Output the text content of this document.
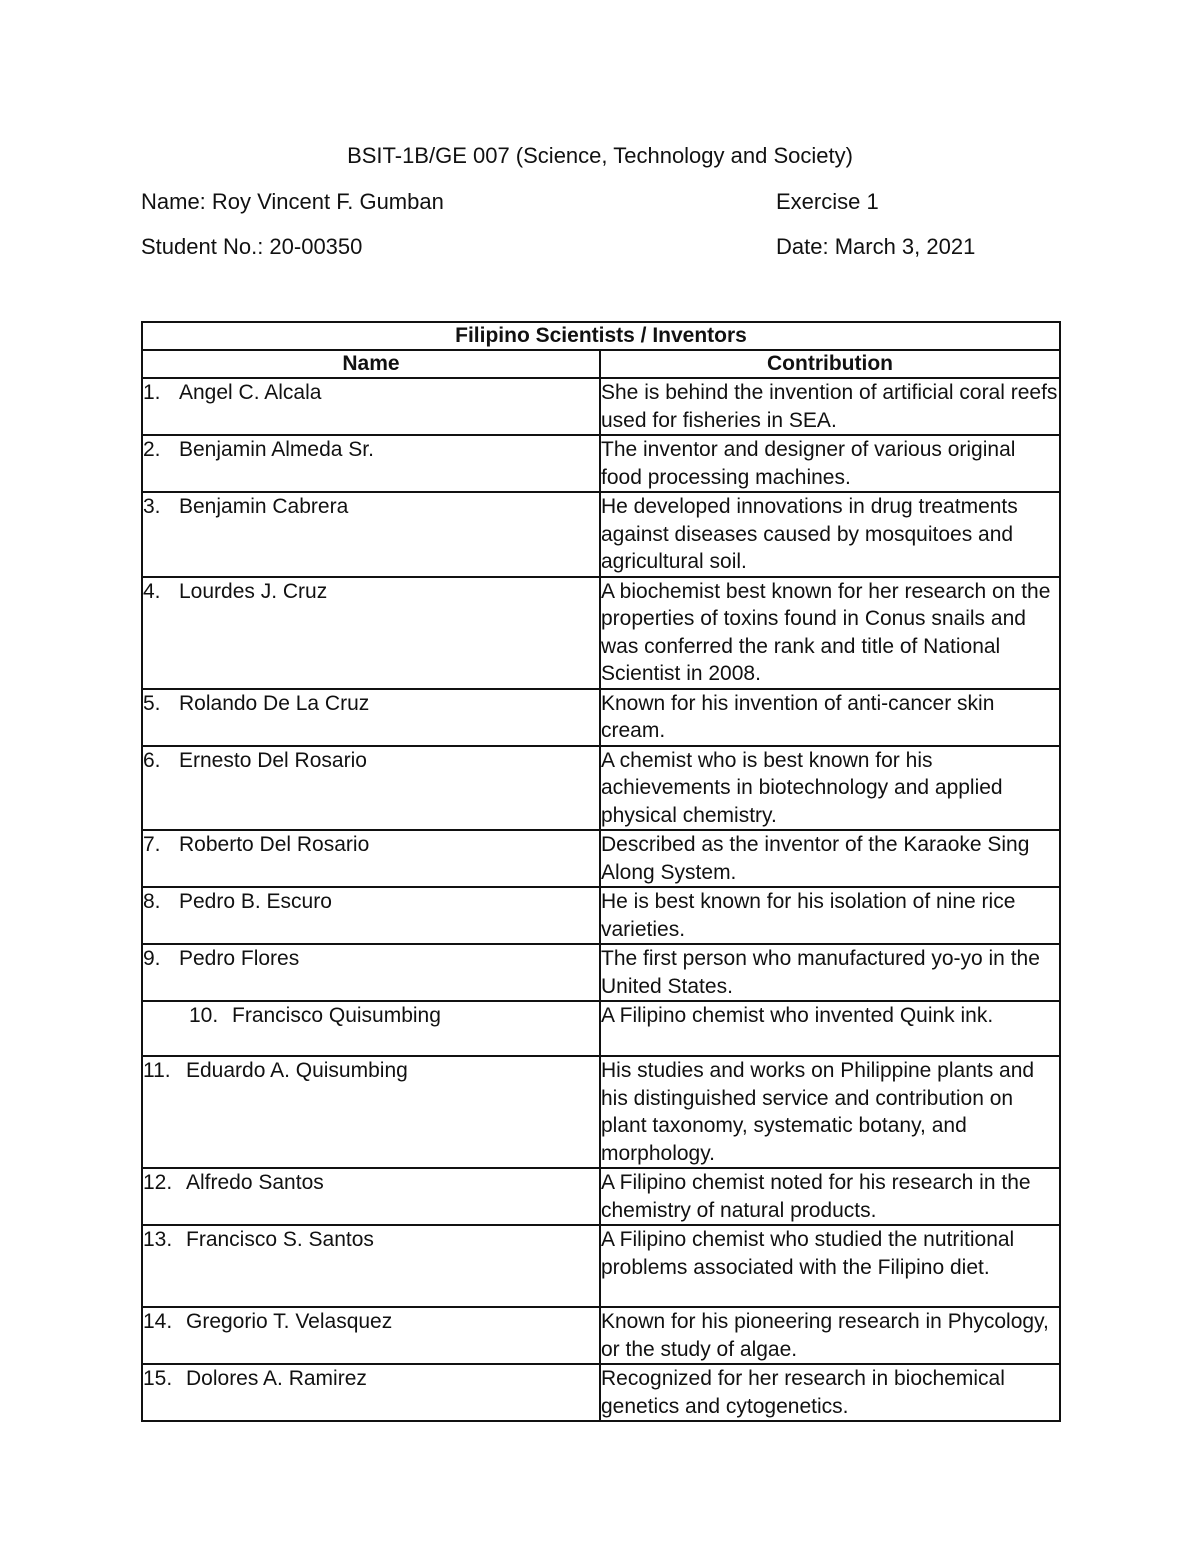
BSIT-1B/GE 007 (Science, Technology and Society)
Name: Roy Vincent F. Gumban	Exercise 1
Student No.: 20-00350	Date: March 3, 2021
Filipino Scientists / Inventors	
Name	Contribution
1. Angel C. Alcala	She is behind the invention of artificial coral reefs used for fisheries in SEA.
2. Benjamin Almeda Sr.	The inventor and designer of various original food processing machines.
3. Benjamin Cabrera	He developed innovations in drug treatments against diseases caused by mosquitoes and agricultural soil.
4. Lourdes J. Cruz	A biochemist best known for her research on the properties of toxins found in Conus snails and was conferred the rank and title of National Scientist in 2008.
5. Rolando De La Cruz	Known for his invention of anti-cancer skin cream.
6. Ernesto Del Rosario	A chemist who is best known for his achievements in biotechnology and applied physical chemistry.
7. Roberto Del Rosario	Described as the inventor of the Karaoke Sing Along System.
8. Pedro B. Escuro	He is best known for his isolation of nine rice varieties.
9. Pedro Flores	The first person who manufactured yo-yo in the United States.
10. Francisco Quisumbing	A Filipino chemist who invented Quink ink.
11. Eduardo A. Quisumbing	His studies and works on Philippine plants and his distinguished service and contribution on plant taxonomy, systematic botany, and morphology.
12. Alfredo Santos	A Filipino chemist noted for his research in the chemistry of natural products.
13. Francisco S. Santos	A Filipino chemist who studied the nutritional problems associated with the Filipino diet.
14. Gregorio T. Velasquez	Known for his pioneering research in Phycology, or the study of algae.
15. Dolores A. Ramirez	Recognized for her research in biochemical genetics and cytogenetics.
